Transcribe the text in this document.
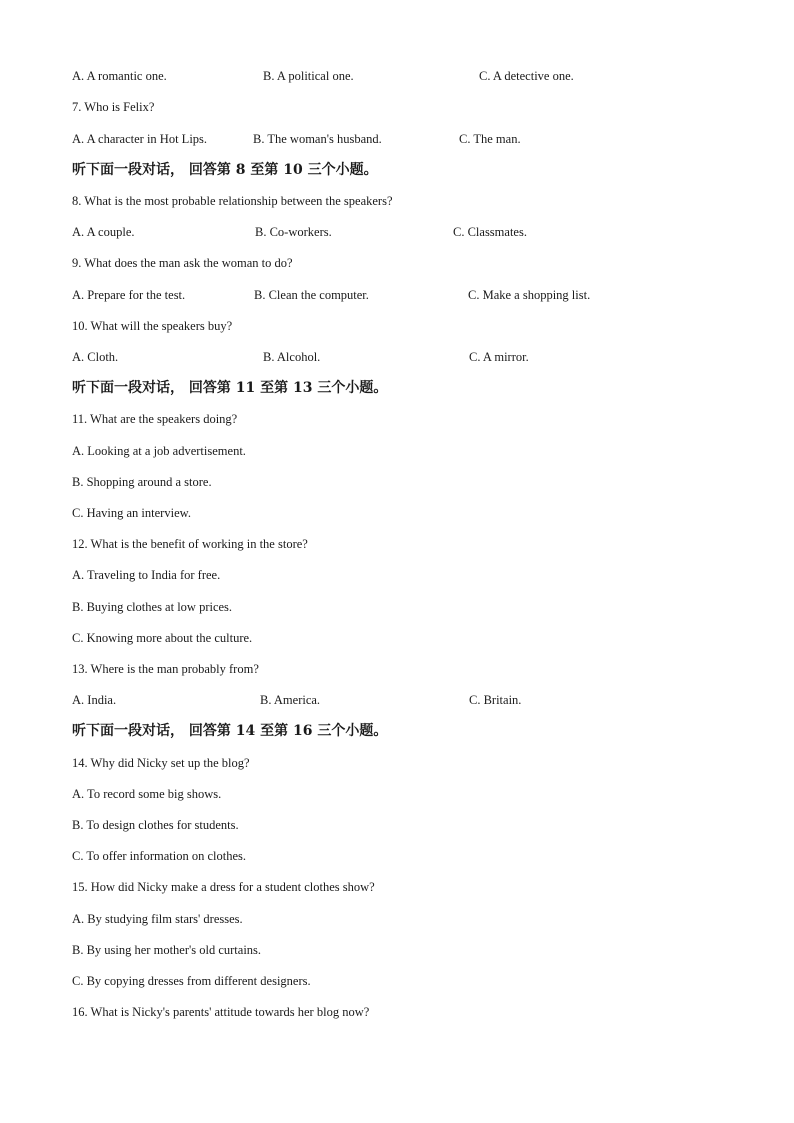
A. A romantic one.	B. A political one.	C. A detective one.
7. Who is Felix?
A. A character in Hot Lips.	B. The woman's husband.	C. The man.
听下面一段对话， 回答第 8 至第 10 三个小题。
8. What is the most probable relationship between the speakers?
A. A couple.	B. Co-workers.	C. Classmates.
9. What does the man ask the woman to do?
A. Prepare for the test.	B. Clean the computer.	C. Make a shopping list.
10. What will the speakers buy?
A. Cloth.	B. Alcohol.	C. A mirror.
听下面一段对话， 回答第 11 至第 13 三个小题。
11. What are the speakers doing?
A. Looking at a job advertisement.
B. Shopping around a store.
C. Having an interview.
12. What is the benefit of working in the store?
A. Traveling to India for free.
B. Buying clothes at low prices.
C. Knowing more about the culture.
13. Where is the man probably from?
A. India.	B. America.	C. Britain.
听下面一段对话， 回答第 14 至第 16 三个小题。
14. Why did Nicky set up the blog?
A. To record some big shows.
B. To design clothes for students.
C. To offer information on clothes.
15. How did Nicky make a dress for a student clothes show?
A. By studying film stars' dresses.
B. By using her mother's old curtains.
C. By copying dresses from different designers.
16. What is Nicky's parents' attitude towards her blog now?
